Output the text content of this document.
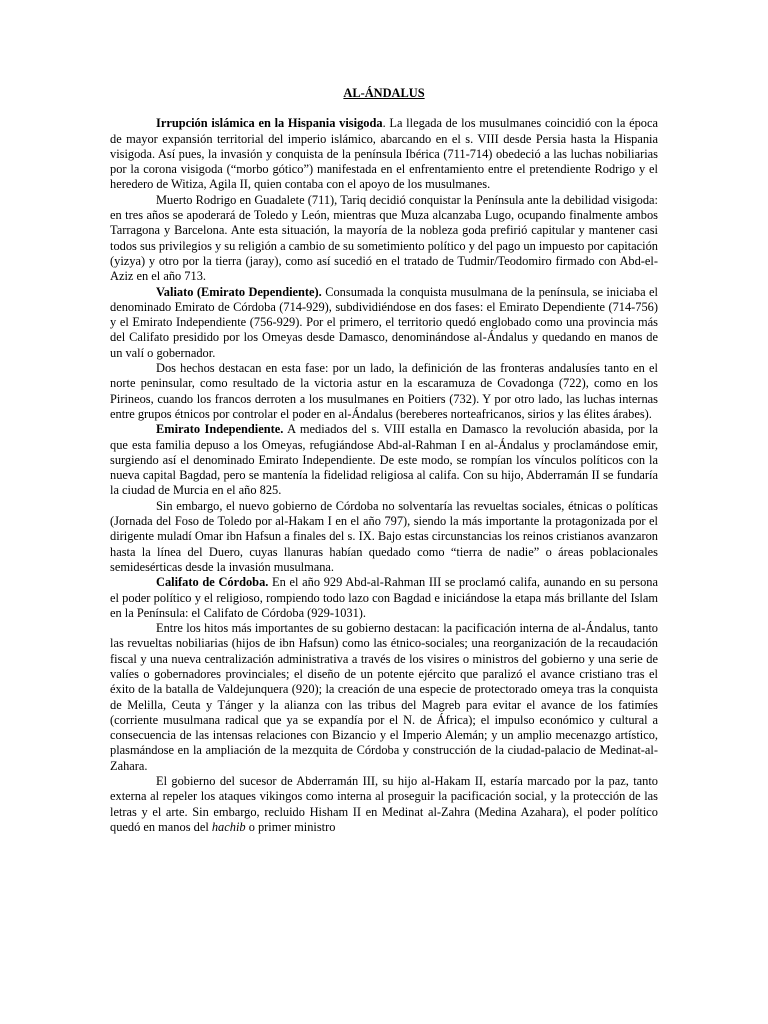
AL-ÁNDALUS

Irrupción islámica en la Hispania visigoda. La llegada de los musulmanes coincidió con la época de mayor expansión territorial del imperio islámico, abarcando en el s. VIII desde Persia hasta la Hispania visigoda. Así pues, la invasión y conquista de la península Ibérica (711-714) obedeció a las luchas nobiliarias por la corona visigoda (“morbo gótico”) manifestada en el enfrentamiento entre el pretendiente Rodrigo y el heredero de Witiza, Agila II, quien contaba con el apoyo de los musulmanes.

Muerto Rodrigo en Guadalete (711), Tariq decidió conquistar la Península ante la debilidad visigoda: en tres años se apoderará de Toledo y León, mientras que Muza alcanzaba Lugo, ocupando finalmente ambos Tarragona y Barcelona. Ante esta situación, la mayoría de la nobleza goda prefirió capitular y mantener casi todos sus privilegios y su religión a cambio de su sometimiento político y del pago un impuesto por capitación (yizya) y otro por la tierra (jaray), como así sucedió en el tratado de Tudmir/Teodomiro firmado con Abd-el-Aziz en el año 713.

Valiato (Emirato Dependiente). Consumada la conquista musulmana de la península, se iniciaba el denominado Emirato de Córdoba (714-929), subdividiéndose en dos fases: el Emirato Dependiente (714-756) y el Emirato Independiente (756-929). Por el primero, el territorio quedó englobado como una provincia más del Califato presidido por los Omeyas desde Damasco, denominándose al-Ándalus y quedando en manos de un valí o gobernador.

Dos hechos destacan en esta fase: por un lado, la definición de las fronteras andalusíes tanto en el norte peninsular, como resultado de la victoria astur en la escaramuza de Covadonga (722), como en los Pirineos, cuando los francos derroten a los musulmanes en Poitiers (732). Y por otro lado, las luchas internas entre grupos étnicos por controlar el poder en al-Ándalus (bereberes norteafricanos, sirios y las élites árabes).

Emirato Independiente. A mediados del s. VIII estalla en Damasco la revolución abasida, por la que esta familia depuso a los Omeyas, refugiándose Abd-al-Rahman I en al-Ándalus y proclamándose emir, surgiendo así el denominado Emirato Independiente. De este modo, se rompían los vínculos políticos con la nueva capital Bagdad, pero se mantenía la fidelidad religiosa al califa. Con su hijo, Abderramán II se fundaría la ciudad de Murcia en el año 825.

Sin embargo, el nuevo gobierno de Córdoba no solventaría las revueltas sociales, étnicas o políticas (Jornada del Foso de Toledo por al-Hakam I en el año 797), siendo la más importante la protagonizada por el dirigente muladí Omar ibn Hafsun a finales del s. IX. Bajo estas circunstancias los reinos cristianos avanzaron hasta la línea del Duero, cuyas llanuras habían quedado como “tierra de nadie” o áreas poblacionales semidesérticas desde la invasión musulmana.

Califato de Córdoba. En el año 929 Abd-al-Rahman III se proclamó califa, aunando en su persona el poder político y el religioso, rompiendo todo lazo con Bagdad e iniciándose la etapa más brillante del Islam en la Península: el Califato de Córdoba (929-1031).

Entre los hitos más importantes de su gobierno destacan: la pacificación interna de al-Ándalus, tanto las revueltas nobiliarias (hijos de ibn Hafsun) como las étnico-sociales; una reorganización de la recaudación fiscal y una nueva centralización administrativa a través de los visires o ministros del gobierno y una serie de valíes o gobernadores provinciales; el diseño de un potente ejército que paralizó el avance cristiano tras el éxito de la batalla de Valdejunquera (920); la creación de una especie de protectorado omeya tras la conquista de Melilla, Ceuta y Tánger y la alianza con las tribus del Magreb para evitar el avance de los fatimíes (corriente musulmana radical que ya se expandía por el N. de África); el impulso económico y cultural a consecuencia de las intensas relaciones con Bizancio y el Imperio Alemán; y un amplio mecenazgo artístico, plasmándose en la ampliación de la mezquita de Córdoba y construcción de la ciudad-palacio de Medinat-al-Zahara.

El gobierno del sucesor de Abderramán III, su hijo al-Hakam II, estaría marcado por la paz, tanto externa al repeler los ataques vikingos como interna al proseguir la pacificación social, y la protección de las letras y el arte. Sin embargo, recluido Hisham II en Medinat al-Zahra (Medina Azahara), el poder político quedó en manos del hachib o primer ministro
